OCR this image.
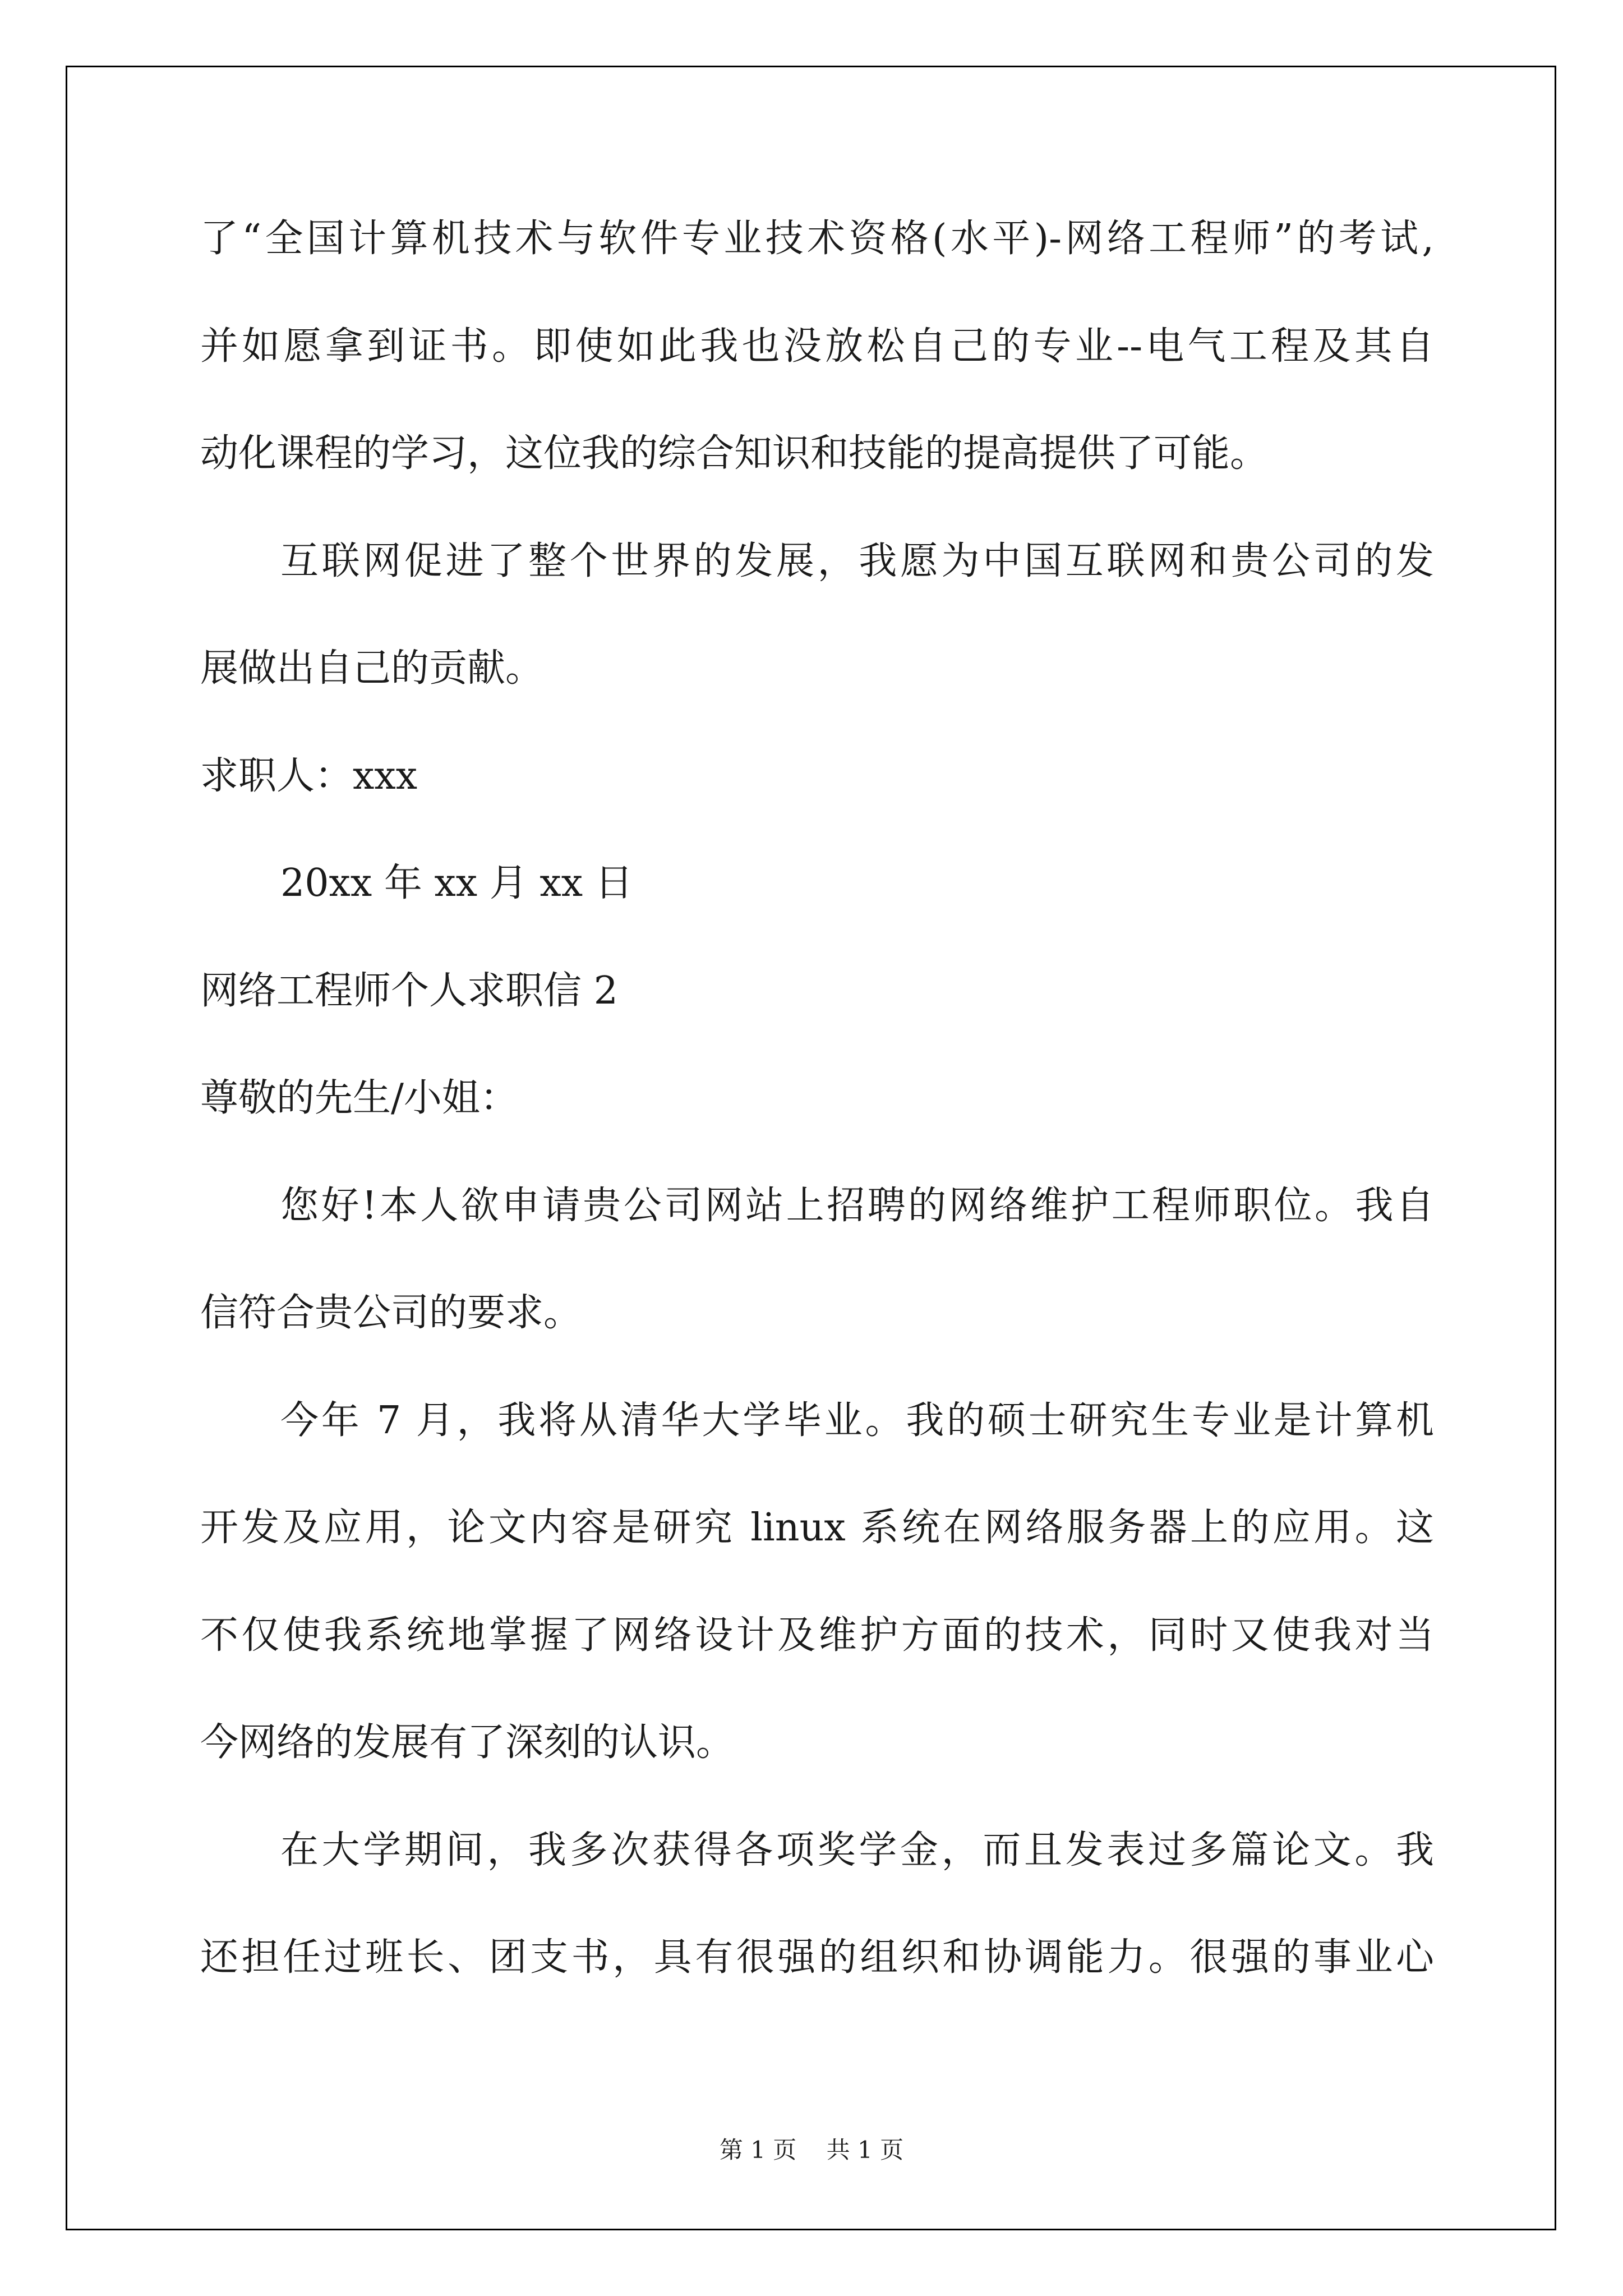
了“全国计算机技术与软件专业技术资格(水平)-网络工程师”的考试,
并如愿拿到证书。即使如此我也没放松自己的专业--电气工程及其自
动化课程的学习，这位我的综合知识和技能的提高提供了可能。
互联网促进了整个世界的发展，我愿为中国互联网和贵公司的发
展做出自己的贡献。
求职人：xxx
20xx 年 xx 月 xx 日
网络工程师个人求职信 2
尊敬的先生/小姐：
您好!本人欲申请贵公司网站上招聘的网络维护工程师职位。我自
信符合贵公司的要求。
今年 7 月，我将从清华大学毕业。我的硕士研究生专业是计算机
开发及应用，论文内容是研究 linux 系统在网络服务器上的应用。这
不仅使我系统地掌握了网络设计及维护方面的技术，同时又使我对当
今网络的发展有了深刻的认识。
在大学期间，我多次获得各项奖学金，而且发表过多篇论文。我
还担任过班长、团支书，具有很强的组织和协调能力。很强的事业心
第 1 页 共 1 页
